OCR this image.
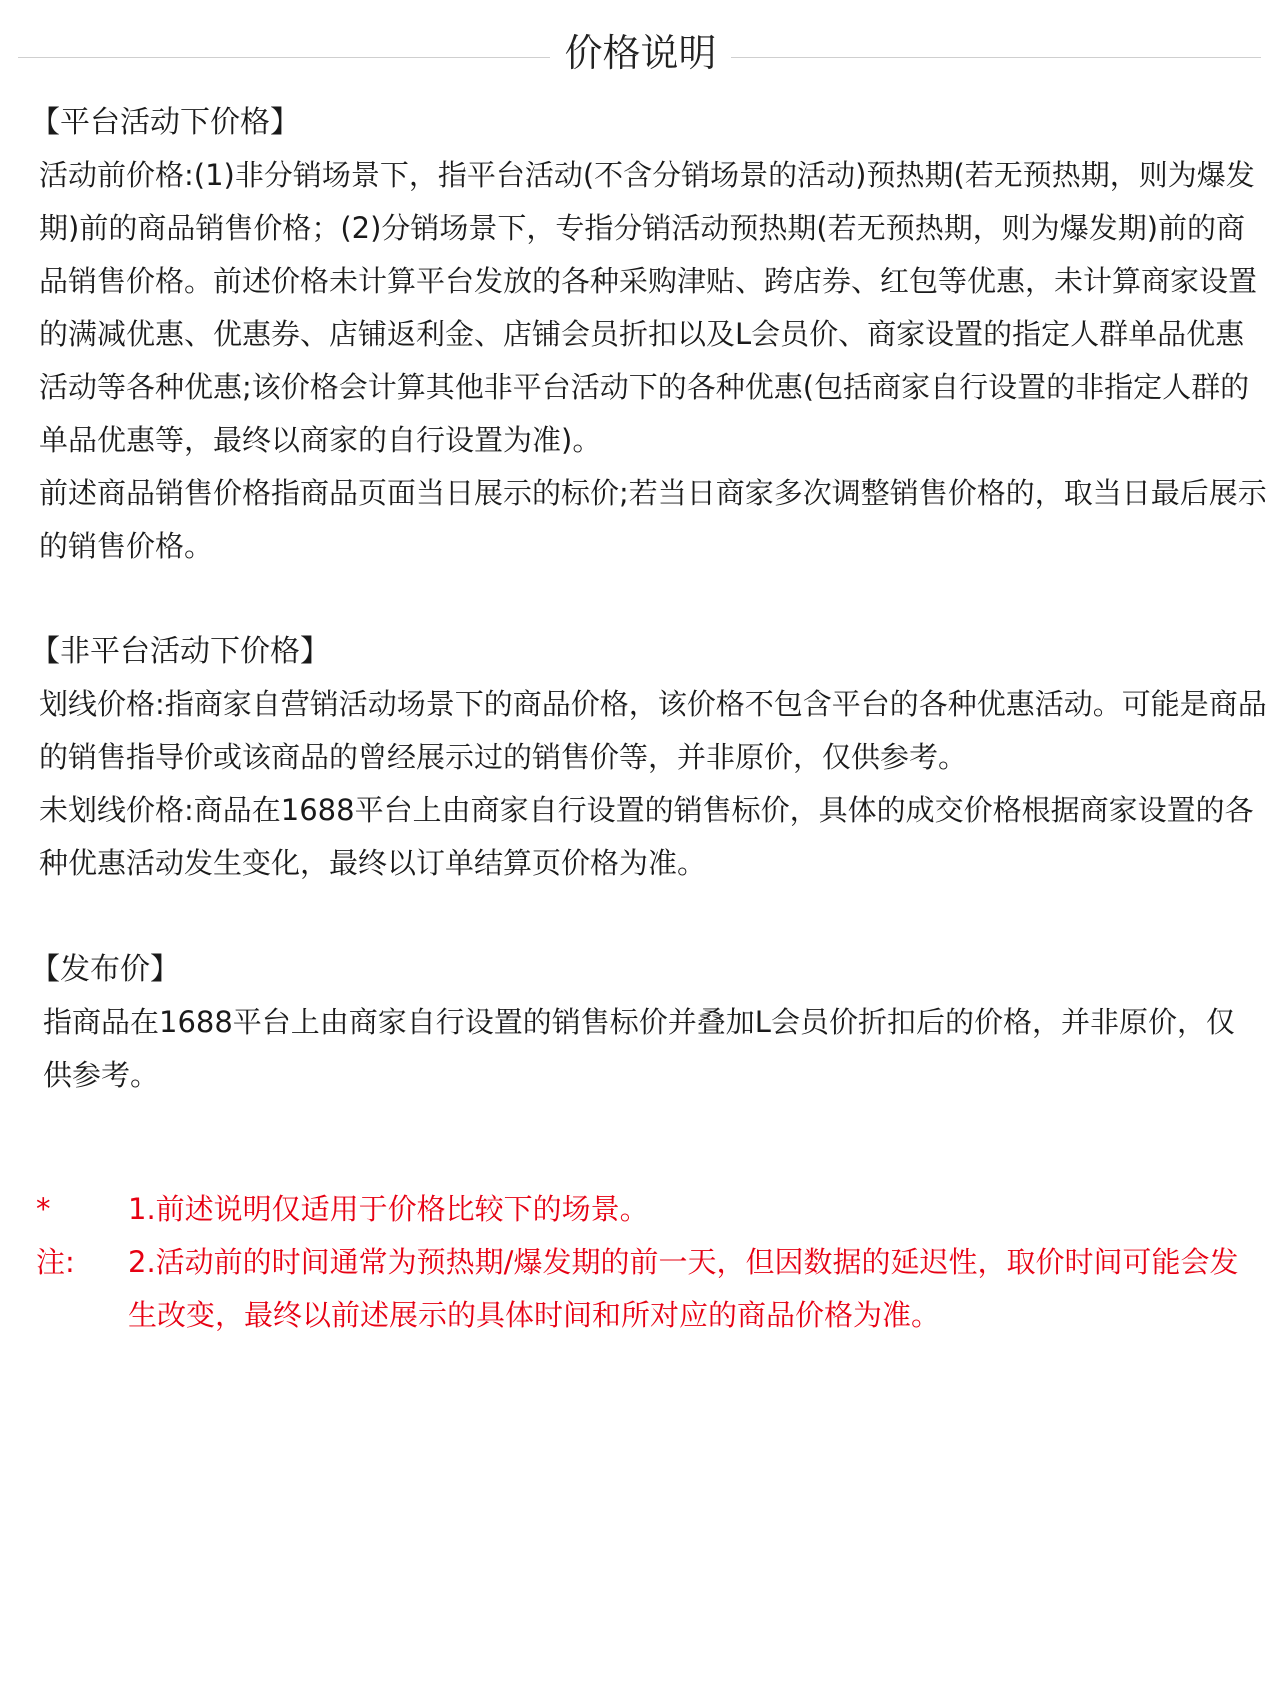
价格说明
【平台活动下价格】
活动前价格:(1)非分销场景下，指平台活动(不含分销场景的活动)预热期(若无预热期，则为爆发期)前的商品销售价格；(2)分销场景下，专指分销活动预热期(若无预热期，则为爆发期)前的商品销售价格。前述价格未计算平台发放的各种采购津贴、跨店券、红包等优惠，未计算商家设置的满减优惠、优惠券、店铺返利金、店铺会员折扣以及L会员价、商家设置的指定人群单品优惠活动等各种优惠;该价格会计算其他非平台活动下的各种优惠(包括商家自行设置的非指定人群的单品优惠等，最终以商家的自行设置为准)。
前述商品销售价格指商品页面当日展示的标价;若当日商家多次调整销售价格的，取当日最后展示的销售价格。
【非平台活动下价格】
划线价格:指商家自营销活动场景下的商品价格，该价格不包含平台的各种优惠活动。可能是商品的销售指导价或该商品的曾经展示过的销售价等，并非原价，仅供参考。
未划线价格:商品在1688平台上由商家自行设置的销售标价，具体的成交价格根据商家设置的各种优惠活动发生变化，最终以订单结算页价格为准。
【发布价】
指商品在1688平台上由商家自行设置的销售标价并叠加L会员价折扣后的价格，并非原价，仅供参考。
*	1.前述说明仅适用于价格比较下的场景。
注: 2.活动前的时间通常为预热期/爆发期的前一天，但因数据的延迟性，取价时间可能会发生改变，最终以前述展示的具体时间和所对应的商品价格为准。
